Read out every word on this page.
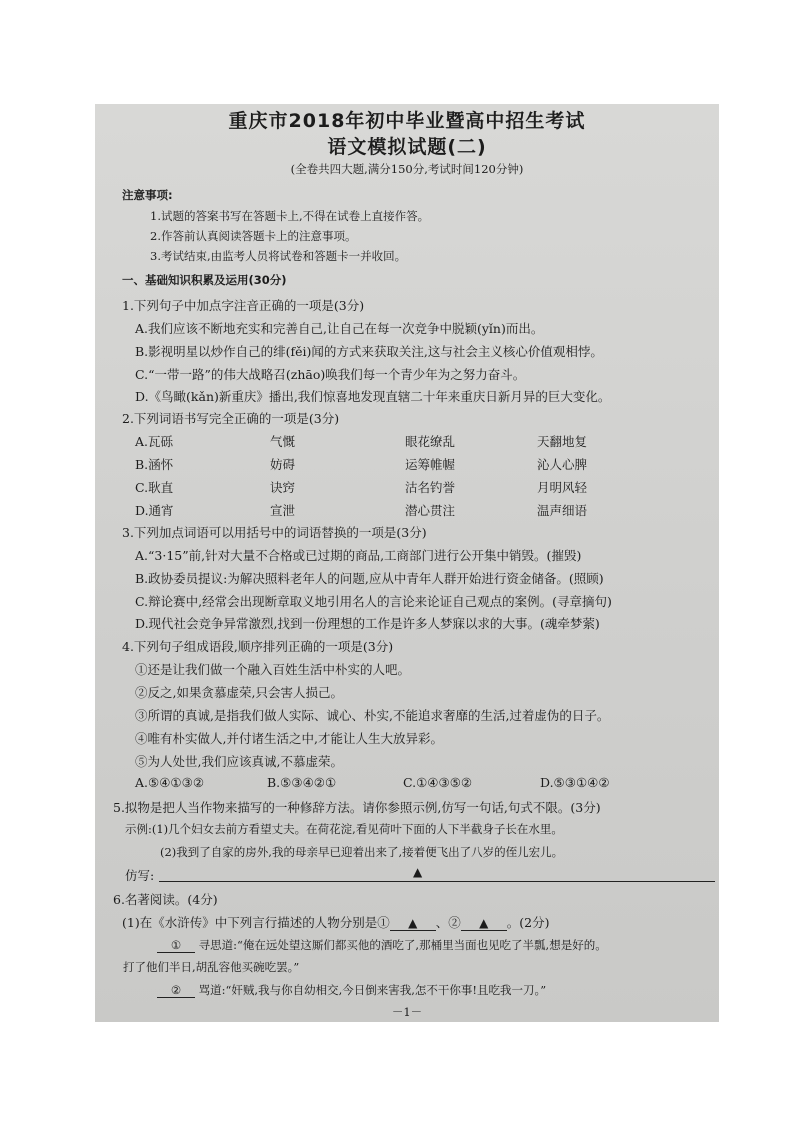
重庆市2018年初中毕业暨高中招生考试
语文模拟试题(二)
(全卷共四大题,满分150分,考试时间120分钟)
注意事项:
1.试题的答案书写在答题卡上,不得在试卷上直接作答。
2.作答前认真阅读答题卡上的注意事项。
3.考试结束,由监考人员将试卷和答题卡一并收回。
一、基础知识积累及运用(30分)
1.下列句子中加点字注音正确的一项是(3分)
A.我们应该不断地充实和完善自己,让自己在每一次竞争中脱颖(yǐn)而出。
B.影视明星以炒作自己的绯(fěi)闻的方式来获取关注,这与社会主义核心价值观相悖。
C.“一带一路”的伟大战略召(zhāo)唤我们每一个青少年为之努力奋斗。
D.《鸟瞰(kǎn)新重庆》播出,我们惊喜地发现直辖二十年来重庆日新月异的巨大变化。
2.下列词语书写完全正确的一项是(3分)
A.瓦砾	气慨	眼花缭乱	天翻地复
B.涵怀	妨碍	运筹帷幄	沁人心脾
C.耿直	诀窍	沽名钓誉	月明风轻
D.通宵	宣泄	潜心贯注	温声细语
3.下列加点词语可以用括号中的词语替换的一项是(3分)
A.“3·15”前,针对大量不合格或已过期的商品,工商部门进行公开集中销毁。(摧毁)
B.政协委员提议:为解决照料老年人的问题,应从中青年人群开始进行资金储备。(照顾)
C.辩论赛中,经常会出现断章取义地引用名人的言论来论证自己观点的案例。(寻章摘句)
D.现代社会竞争异常激烈,找到一份理想的工作是许多人梦寐以求的大事。(魂牵梦萦)
4.下列句子组成语段,顺序排列正确的一项是(3分)
①还是让我们做一个融入百姓生活中朴实的人吧。
②反之,如果贪慕虚荣,只会害人损己。
③所谓的真诚,是指我们做人实际、诚心、朴实,不能追求奢靡的生活,过着虚伪的日子。
④唯有朴实做人,并付诸生活之中,才能让人生大放异彩。
⑤为人处世,我们应该真诚,不慕虚荣。
A.⑤④①③②	B.⑤③④②①	C.①④③⑤②	D.⑤③①④②
5.拟物是把人当作物来描写的一种修辞方法。请你参照示例,仿写一句话,句式不限。(3分)
示例:(1)几个妇女去前方看望丈夫。在荷花淀,看见荷叶下面的人下半截身子长在水里。
(2)我到了自家的房外,我的母亲早已迎着出来了,接着便飞出了八岁的侄儿宏儿。
仿写:	▲
6.名著阅读。(4分)
(1)在《水浒传》中下列言行描述的人物分别是① ▲ 、② ▲ 。(2分)
① 寻思道:“俺在远处望这厮们都买他的酒吃了,那桶里当面也见吃了半瓢,想是好的。
打了他们半日,胡乱容他买碗吃罢。”
② 骂道:“奸贼,我与你自幼相交,今日倒来害我,怎不干你事!且吃我一刀。”
－1－
